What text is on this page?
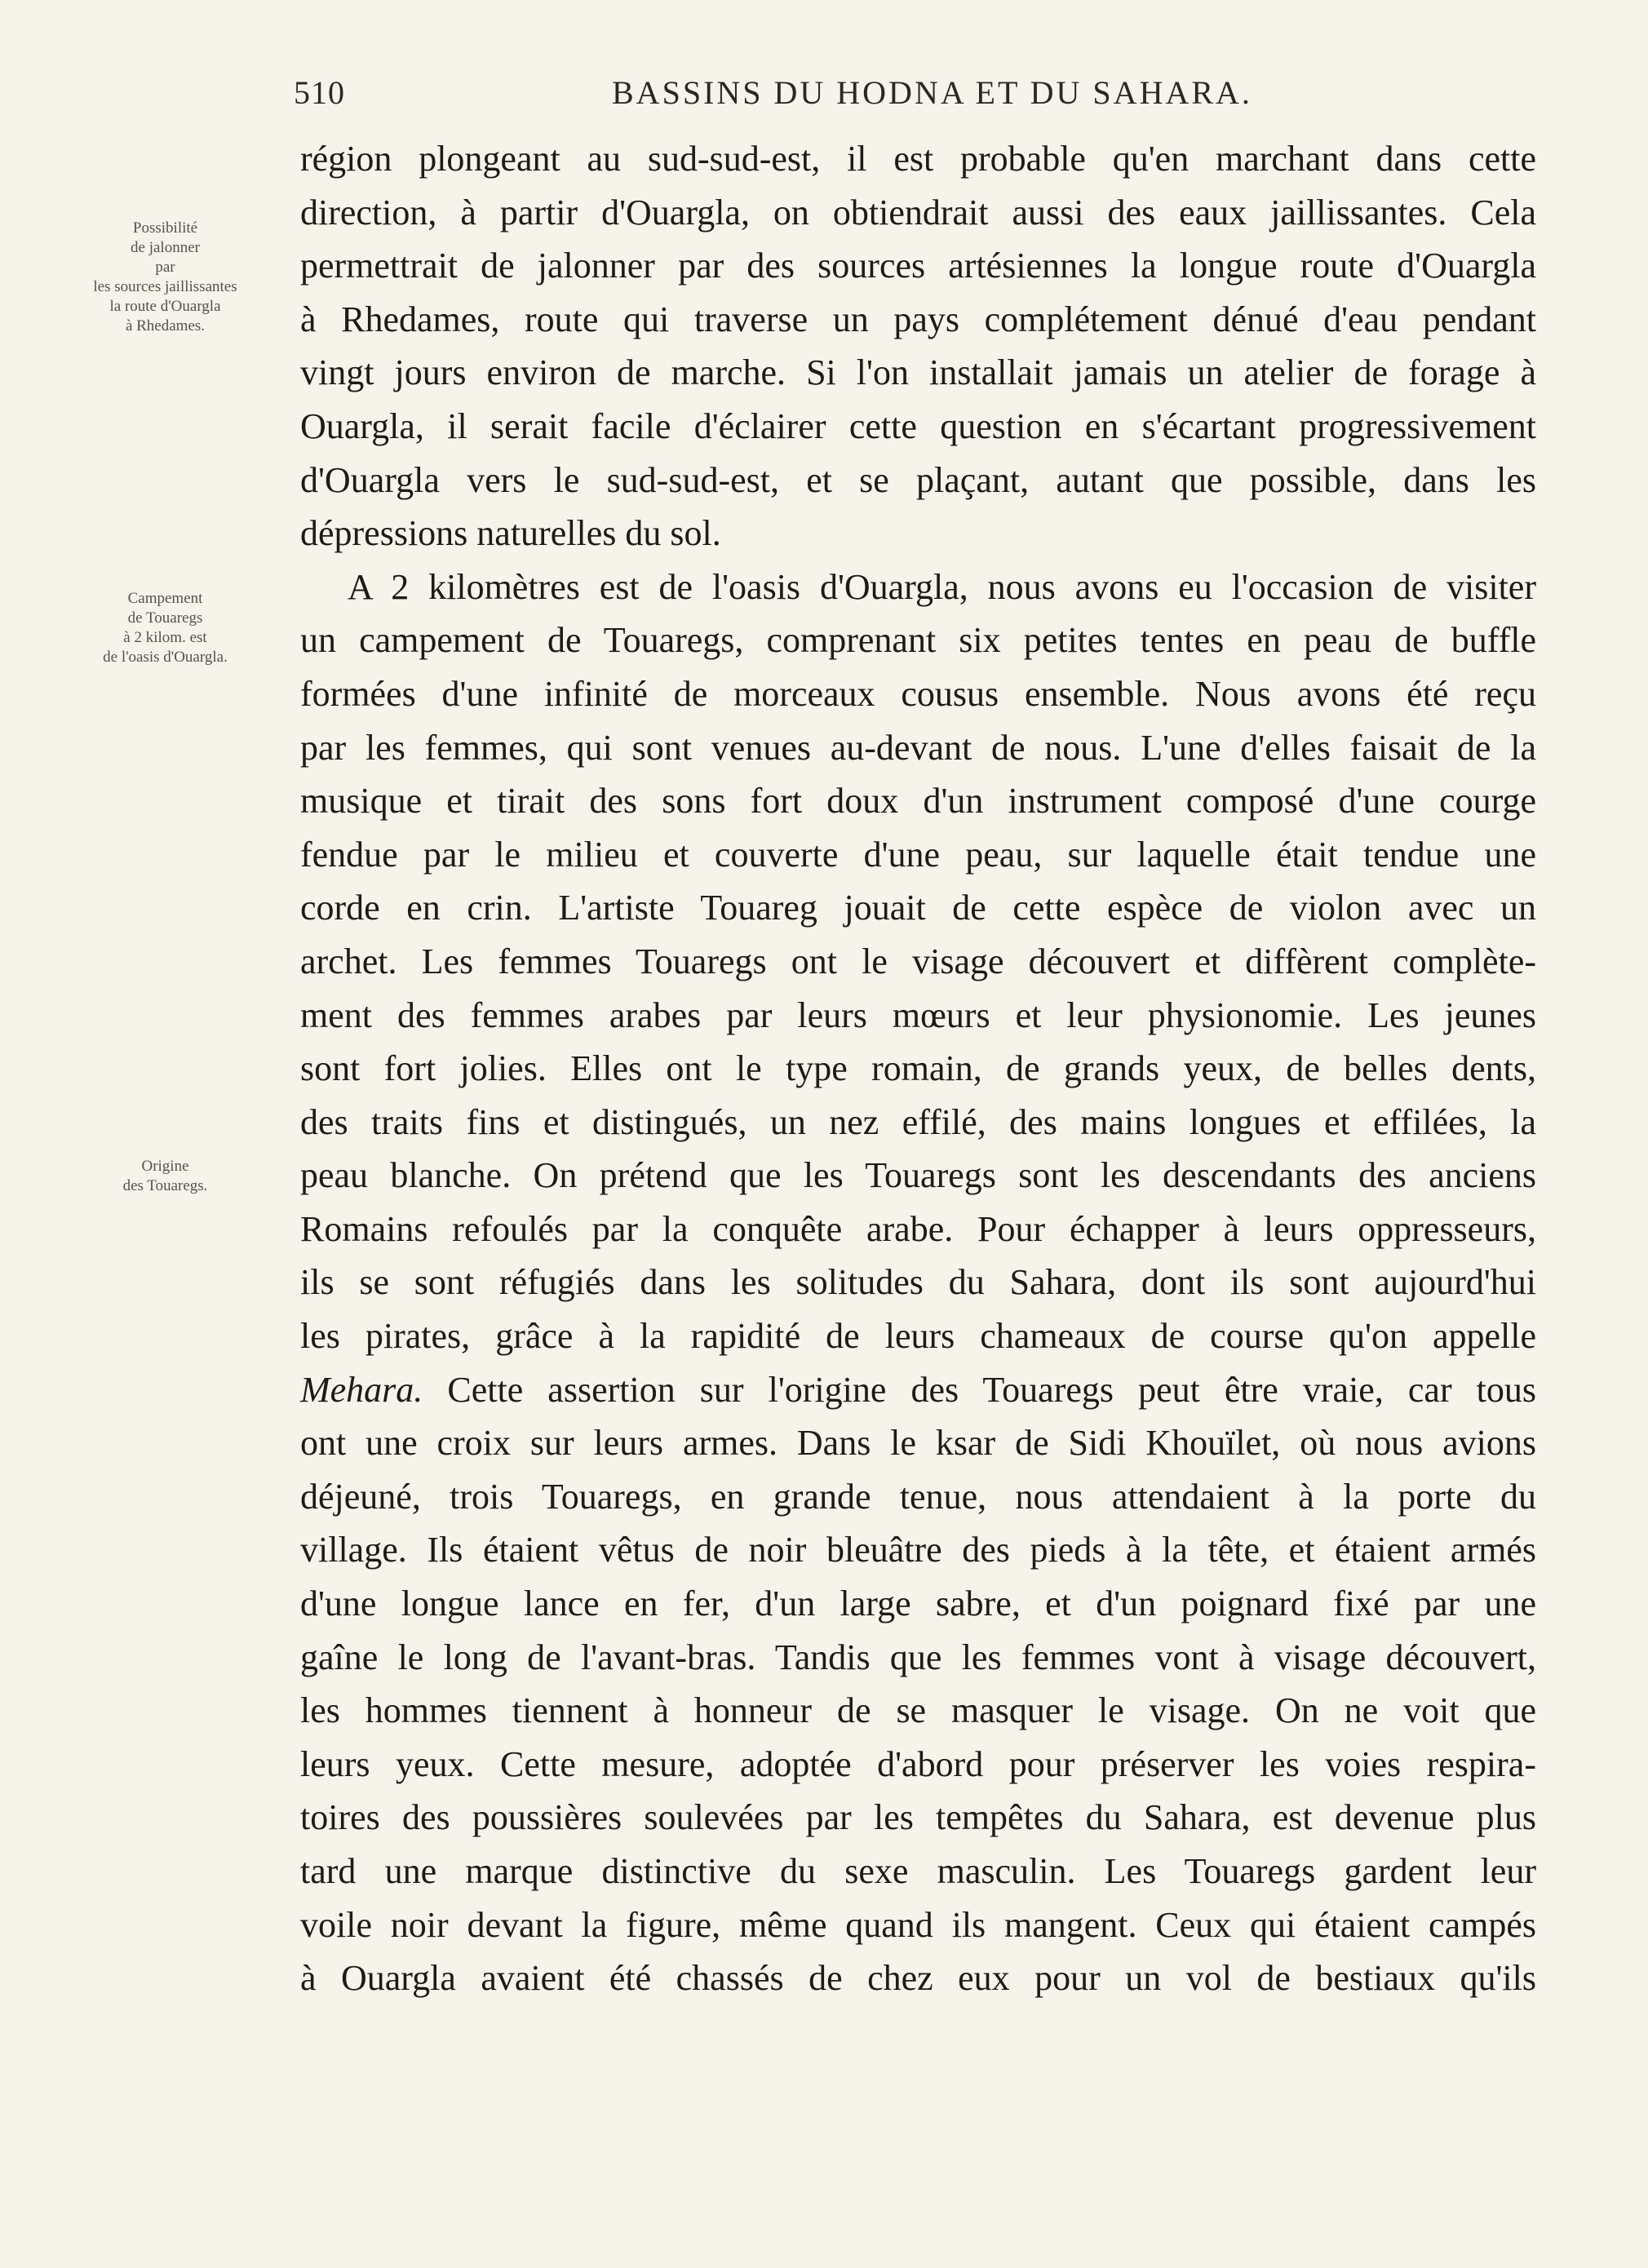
510	BASSINS DU HODNA ET DU SAHARA.
Possibilité
de jalonner
par
les sources jaillissantes
la route d'Ouargla
à Rhedames.
Campement
de Touaregs
à 2 kilom. est
de l'oasis d'Ouargla.
Origine
des Touaregs.
région plongeant au sud-sud-est, il est probable qu'en marchant dans cette
direction, à partir d'Ouargla, on obtiendrait aussi des eaux jaillissantes. Cela
permettrait de jalonner par des sources artésiennes la longue route d'Ouargla
à Rhedames, route qui traverse un pays complétement dénué d'eau pendant
vingt jours environ de marche. Si l'on installait jamais un atelier de forage à
Ouargla, il serait facile d'éclairer cette question en s'écartant progressivement
d'Ouargla vers le sud-sud-est, et se plaçant, autant que possible, dans les
dépressions naturelles du sol.
A 2 kilomètres est de l'oasis d'Ouargla, nous avons eu l'occasion de visiter
un campement de Touaregs, comprenant six petites tentes en peau de buffle
formées d'une infinité de morceaux cousus ensemble. Nous avons été reçu
par les femmes, qui sont venues au-devant de nous. L'une d'elles faisait de la
musique et tirait des sons fort doux d'un instrument composé d'une courge
fendue par le milieu et couverte d'une peau, sur laquelle était tendue une
corde en crin. L'artiste Touareg jouait de cette espèce de violon avec un
archet. Les femmes Touaregs ont le visage découvert et diffèrent complète-
ment des femmes arabes par leurs mœurs et leur physionomie. Les jeunes
sont fort jolies. Elles ont le type romain, de grands yeux, de belles dents,
des traits fins et distingués, un nez effilé, des mains longues et effilées, la
peau blanche. On prétend que les Touaregs sont les descendants des anciens
Romains refoulés par la conquête arabe. Pour échapper à leurs oppresseurs,
ils se sont réfugiés dans les solitudes du Sahara, dont ils sont aujourd'hui
les pirates, grâce à la rapidité de leurs chameaux de course qu'on appelle
Mehara. Cette assertion sur l'origine des Touaregs peut être vraie, car tous
ont une croix sur leurs armes. Dans le ksar de Sidi Khouïlet, où nous avions
déjeuné, trois Touaregs, en grande tenue, nous attendaient à la porte du
village. Ils étaient vêtus de noir bleuâtre des pieds à la tête, et étaient armés
d'une longue lance en fer, d'un large sabre, et d'un poignard fixé par une
gaîne le long de l'avant-bras. Tandis que les femmes vont à visage découvert,
les hommes tiennent à honneur de se masquer le visage. On ne voit que
leurs yeux. Cette mesure, adoptée d'abord pour préserver les voies respira-
toires des poussières soulevées par les tempêtes du Sahara, est devenue plus
tard une marque distinctive du sexe masculin. Les Touaregs gardent leur
voile noir devant la figure, même quand ils mangent. Ceux qui étaient campés
à Ouargla avaient été chassés de chez eux pour un vol de bestiaux qu'ils
